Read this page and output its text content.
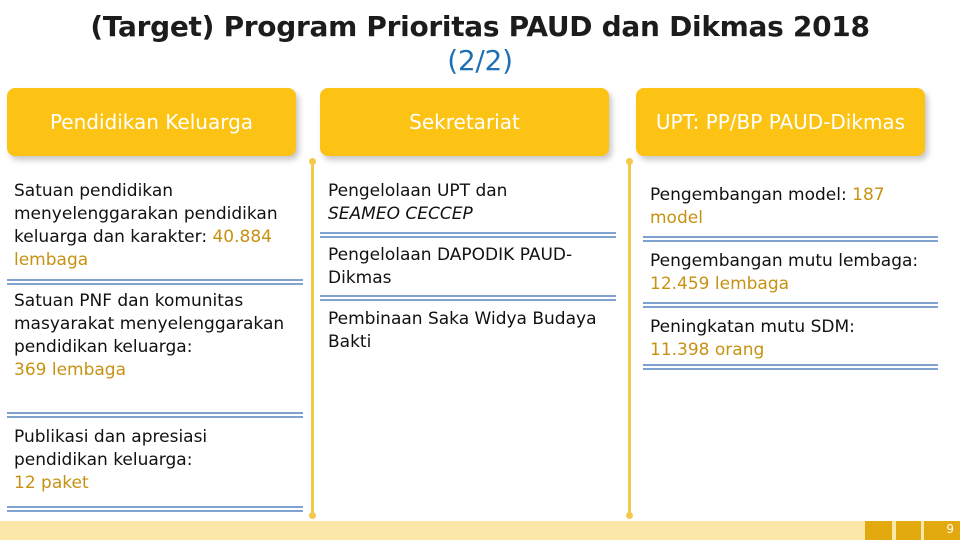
(Target) Program Prioritas PAUD dan Dikmas 2018
(2/2)
Pendidikan Keluarga
Satuan pendidikan menyelenggarakan pendidikan keluarga dan karakter: 40.884 lembaga
Satuan PNF dan komunitas masyarakat menyelenggarakan pendidikan keluarga:
369 lembaga
Publikasi dan apresiasi pendidikan keluarga:
12 paket
Sekretariat
Pengelolaan UPT dan
SEAMEO CECCEP
Pengelolaan DAPODIK PAUD-Dikmas
Pembinaan Saka Widya Budaya Bakti
UPT: PP/BP PAUD-Dikmas
Pengembangan model: 187
model
Pengembangan mutu lembaga: 12.459 lembaga
Peningkatan mutu SDM:
11.398 orang
9
